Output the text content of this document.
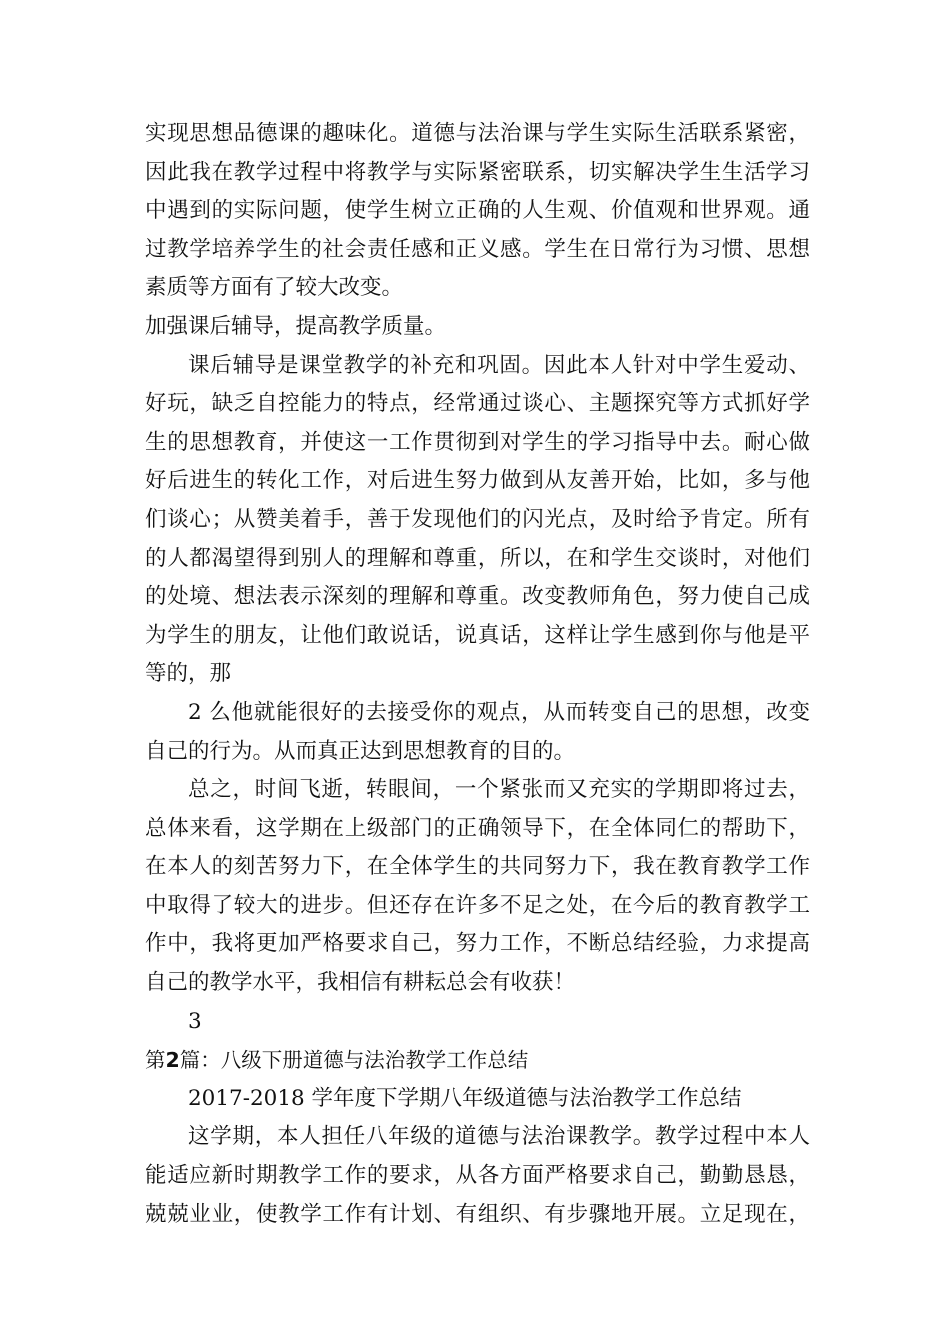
实现思想品德课的趣味化。道德与法治课与学生实际生活联系紧密，
因此我在教学过程中将教学与实际紧密联系，切实解决学生生活学习
中遇到的实际问题，使学生树立正确的人生观、价值观和世界观。通
过教学培养学生的社会责任感和正义感。学生在日常行为习惯、思想
素质等方面有了较大改变。
加强课后辅导，提高教学质量。
课后辅导是课堂教学的补充和巩固。因此本人针对中学生爱动、
好玩，缺乏自控能力的特点，经常通过谈心、主题探究等方式抓好学
生的思想教育，并使这一工作贯彻到对学生的学习指导中去。耐心做
好后进生的转化工作，对后进生努力做到从友善开始，比如，多与他
们谈心；从赞美着手，善于发现他们的闪光点，及时给予肯定。所有
的人都渴望得到别人的理解和尊重，所以，在和学生交谈时，对他们
的处境、想法表示深刻的理解和尊重。改变教师角色，努力使自己成
为学生的朋友，让他们敢说话，说真话，这样让学生感到你与他是平
等的，那
2 么他就能很好的去接受你的观点，从而转变自己的思想，改变
自己的行为。从而真正达到思想教育的目的。
总之，时间飞逝，转眼间，一个紧张而又充实的学期即将过去，
总体来看，这学期在上级部门的正确领导下，在全体同仁的帮助下，
在本人的刻苦努力下，在全体学生的共同努力下，我在教育教学工作
中取得了较大的进步。但还存在许多不足之处，在今后的教育教学工
作中，我将更加严格要求自己，努力工作，不断总结经验，力求提高
自己的教学水平，我相信有耕耘总会有收获！
3
第2篇：八级下册道德与法治教学工作总结
2017-2018 学年度下学期八年级道德与法治教学工作总结
这学期，本人担任八年级的道德与法治课教学。教学过程中本人
能适应新时期教学工作的要求，从各方面严格要求自己，勤勤恳恳，
兢兢业业，使教学工作有计划、有组织、有步骤地开展。立足现在，
